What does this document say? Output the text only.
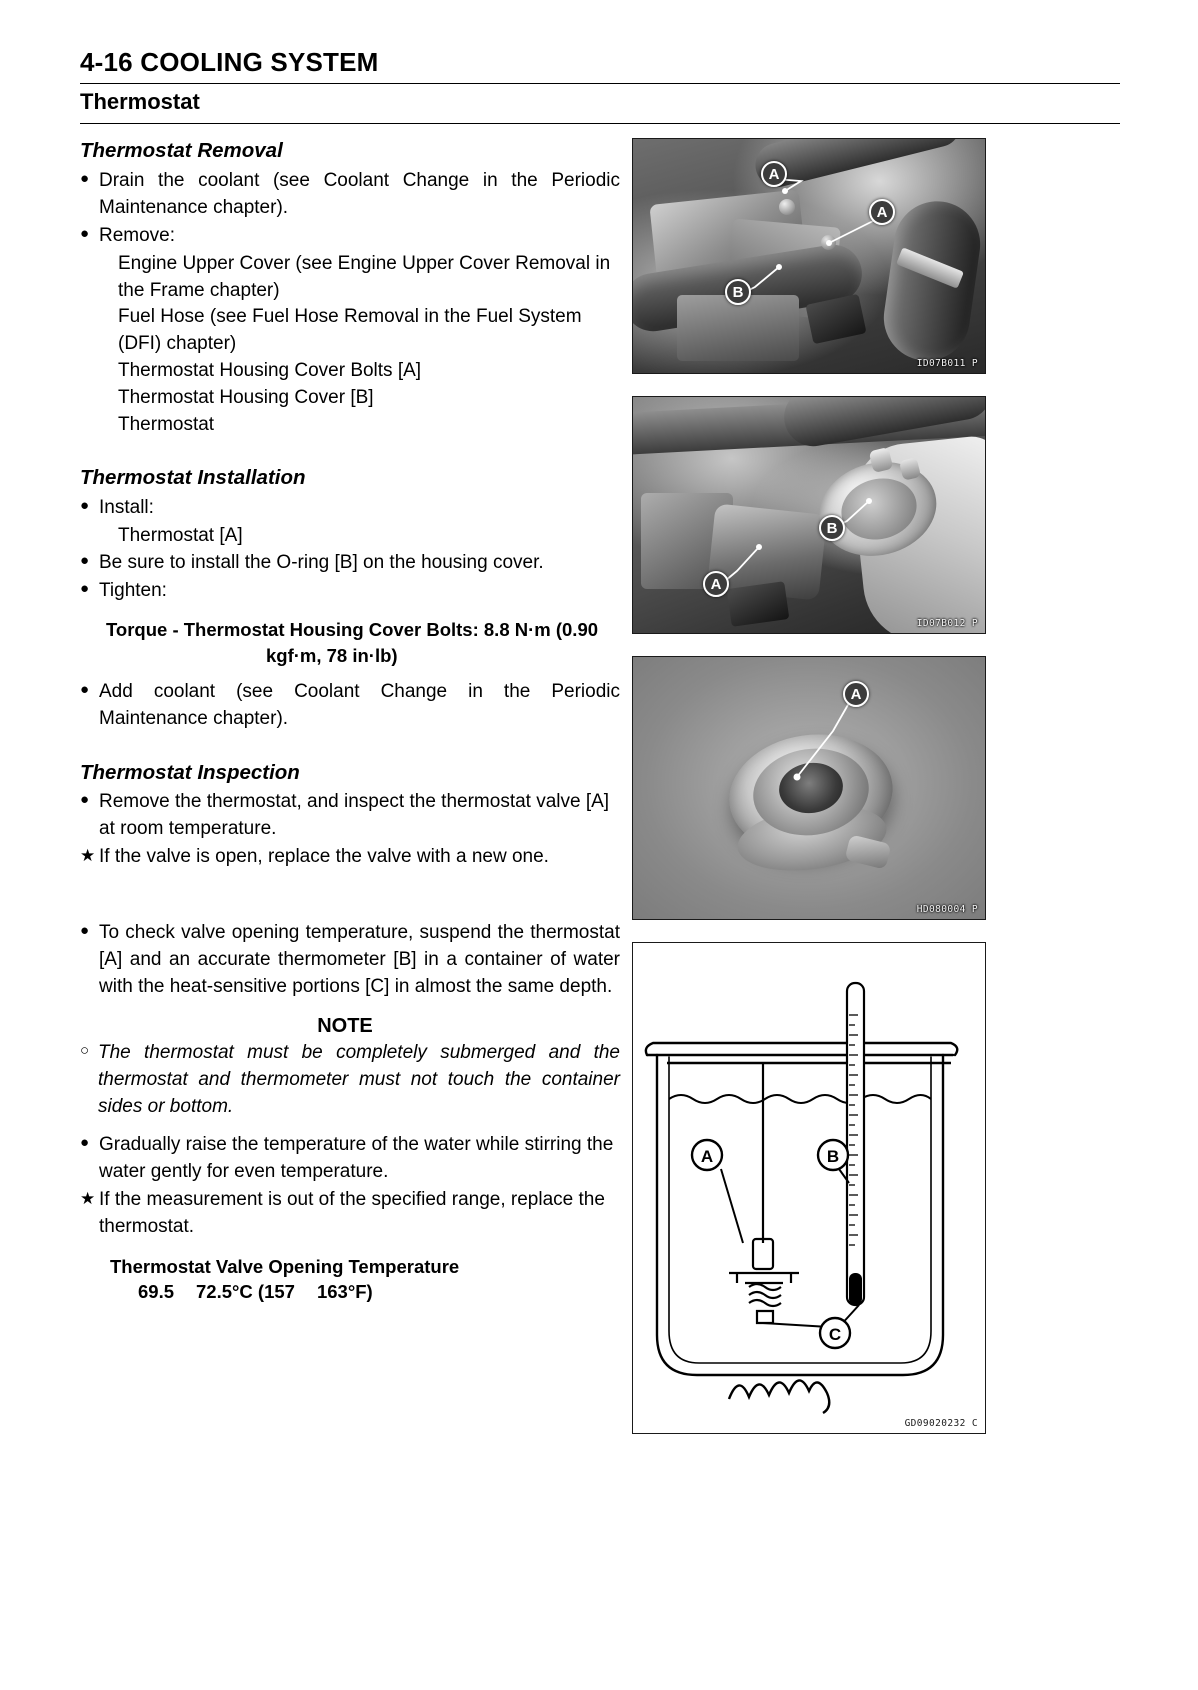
4-16 COOLING SYSTEM
Thermostat
Thermostat Removal
● Drain the coolant (see Coolant Change in the Periodic Maintenance chapter).
● Remove:
Engine Upper Cover (see Engine Upper Cover Removal in the Frame chapter)
Fuel Hose (see Fuel Hose Removal in the Fuel System (DFI) chapter)
Thermostat Housing Cover Bolts [A]
Thermostat Housing Cover [B]
Thermostat
Thermostat Installation
● Install:
Thermostat [A]
● Be sure to install the O-ring [B] on the housing cover.
● Tighten:
Torque - Thermostat Housing Cover Bolts: 8.8 N·m (0.90
kgf·m, 78 in·lb)
● Add coolant (see Coolant Change in the Periodic Maintenance chapter).
Thermostat Inspection
● Remove the thermostat, and inspect the thermostat valve [A] at room temperature.
★ If the valve is open, replace the valve with a new one.
● To check valve opening temperature, suspend the thermostat [A] and an accurate thermometer [B] in a container of water with the heat-sensitive portions [C] in almost the same depth.
NOTE
○ The thermostat must be completely submerged and the thermostat and thermometer must not touch the container sides or bottom.
● Gradually raise the temperature of the water while stirring the water gently for even temperature.
★ If the measurement is out of the specified range, replace the thermostat.
Thermostat Valve Opening Temperature
69.5 72.5°C (157 163°F)
A
A
B
ID07B011 P
B
A
ID07B012 P
A
HD080004 P
A	B
C
GD09020232 C
